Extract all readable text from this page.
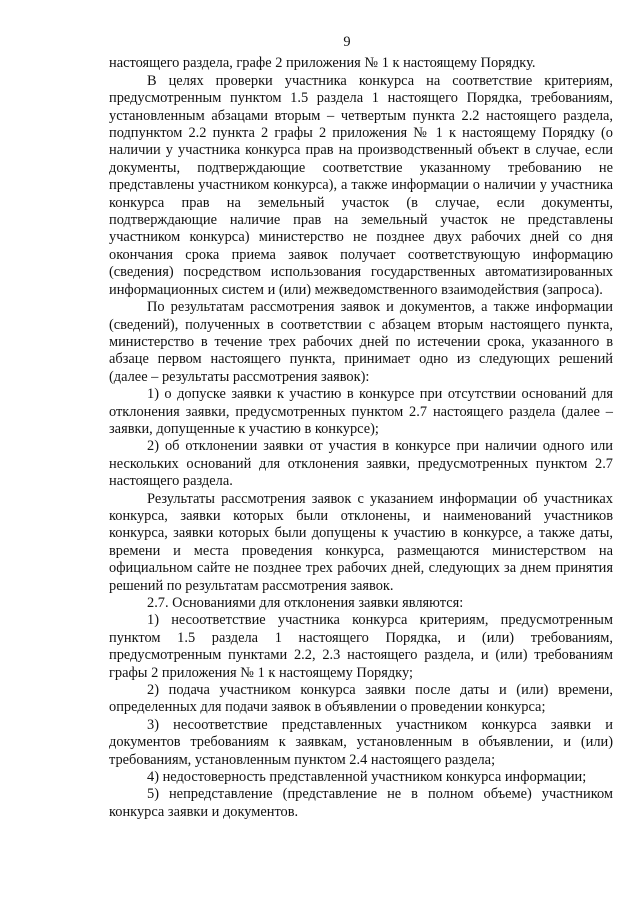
9

настоящего раздела, графе 2 приложения № 1 к настоящему Порядку.

В целях проверки участника конкурса на соответствие критериям, предусмотренным пунктом 1.5 раздела 1 настоящего Порядка, требованиям, установленным абзацами вторым – четвертым пункта 2.2 настоящего раздела, подпунктом 2.2 пункта 2 графы 2 приложения № 1 к настоящему Порядку (о наличии у участника конкурса прав на производственный объект в случае, если документы, подтверждающие соответствие указанному требованию не представлены участником конкурса), а также информации о наличии у участника конкурса прав на земельный участок (в случае, если документы, подтверждающие наличие прав на земельный участок не представлены участником конкурса) министерство не позднее двух рабочих дней со дня окончания срока приема заявок получает соответствующую информацию (сведения) посредством использования государственных автоматизированных информационных систем и (или) межведомственного взаимодействия (запроса).

По результатам рассмотрения заявок и документов, а также информации (сведений), полученных в соответствии с абзацем вторым настоящего пункта, министерство в течение трех рабочих дней по истечении срока, указанного в абзаце первом настоящего пункта, принимает одно из следующих решений (далее – результаты рассмотрения заявок):

1) о допуске заявки к участию в конкурсе при отсутствии оснований для отклонения заявки, предусмотренных пунктом 2.7 настоящего раздела (далее – заявки, допущенные к участию в конкурсе);

2) об отклонении заявки от участия в конкурсе при наличии одного или нескольких оснований для отклонения заявки, предусмотренных пунктом 2.7 настоящего раздела.

Результаты рассмотрения заявок с указанием информации об участниках конкурса, заявки которых были отклонены, и наименований участников конкурса, заявки которых были допущены к участию в конкурсе, а также даты, времени и места проведения конкурса, размещаются министерством на официальном сайте не позднее трех рабочих дней, следующих за днем принятия решений по результатам рассмотрения заявок.

2.7. Основаниями для отклонения заявки являются:

1) несоответствие участника конкурса критериям, предусмотренным пунктом 1.5 раздела 1 настоящего Порядка, и (или) требованиям, предусмотренным пунктами 2.2, 2.3 настоящего раздела, и (или) требованиям графы 2 приложения № 1 к настоящему Порядку;

2) подача участником конкурса заявки после даты и (или) времени, определенных для подачи заявок в объявлении о проведении конкурса;

3) несоответствие представленных участником конкурса заявки и документов требованиям к заявкам, установленным в объявлении, и (или) требованиям, установленным пунктом 2.4 настоящего раздела;

4) недостоверность представленной участником конкурса информации;

5) непредставление (представление не в полном объеме) участником конкурса заявки и документов.
